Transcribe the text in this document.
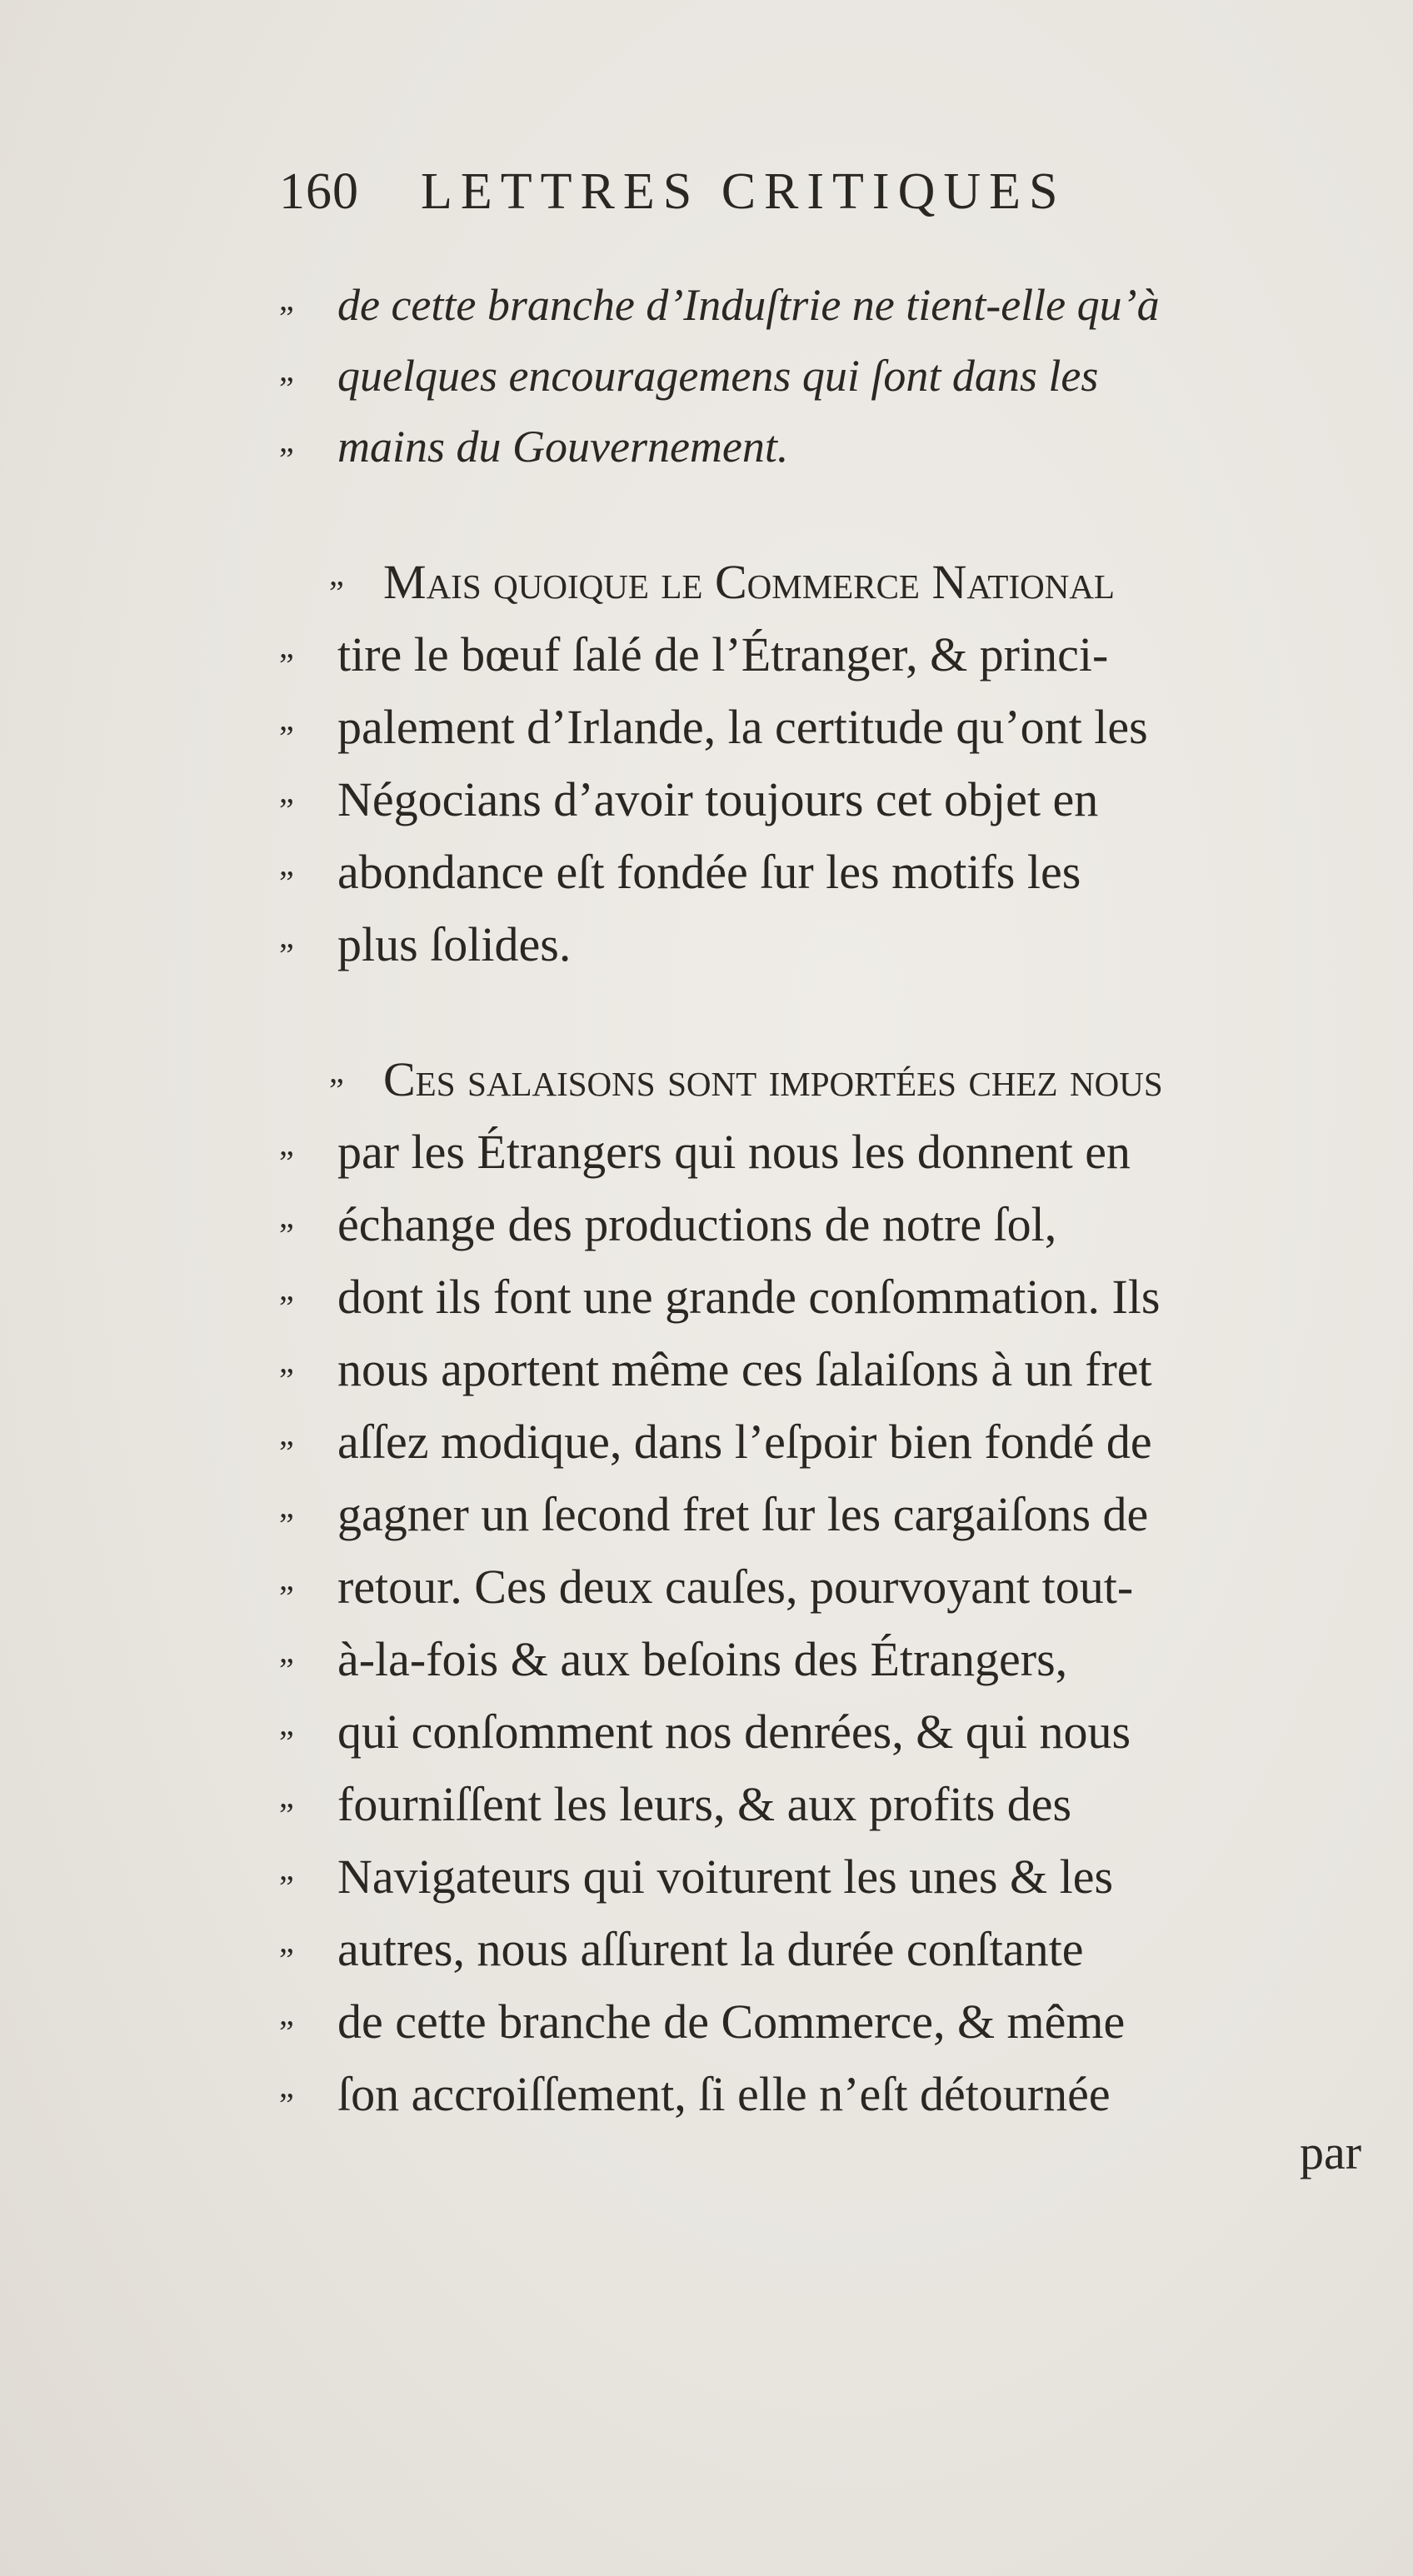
160 LETTRES CRITIQUES
„ de cette branche d’Induſtrie ne tient-elle qu’à
„ quelques encouragemens qui ſont dans les
„ mains du Gouvernement.
„ Mais quoique le Commerce National
„ tire le bœuf ſalé de l’Étranger, & princi-
„ palement d’Irlande, la certitude qu’ont les
„ Négocians d’avoir toujours cet objet en
„ abondance eſt fondée ſur les motifs les
„ plus ſolides.
„ Ces ſalaiſons ſont importées chez nous
„ par les Étrangers qui nous les donnent en
„ échange des productions de notre ſol,
„ dont ils font une grande conſommation. Ils
„ nous aportent même ces ſalaiſons à un fret
„ aſſez modique, dans l’eſpoir bien fondé de
„ gagner un ſecond fret ſur les cargaiſons de
„ retour. Ces deux cauſes, pourvoyant tout-
„ à-la-fois & aux beſoins des Étrangers,
„ qui conſomment nos denrées, & qui nous
„ fourniſſent les leurs, & aux profits des
„ Navigateurs qui voiturent les unes & les
„ autres, nous aſſurent la durée conſtante
„ de cette branche de Commerce, & même
„ ſon accroiſſement, ſi elle n’eſt détournée
par
